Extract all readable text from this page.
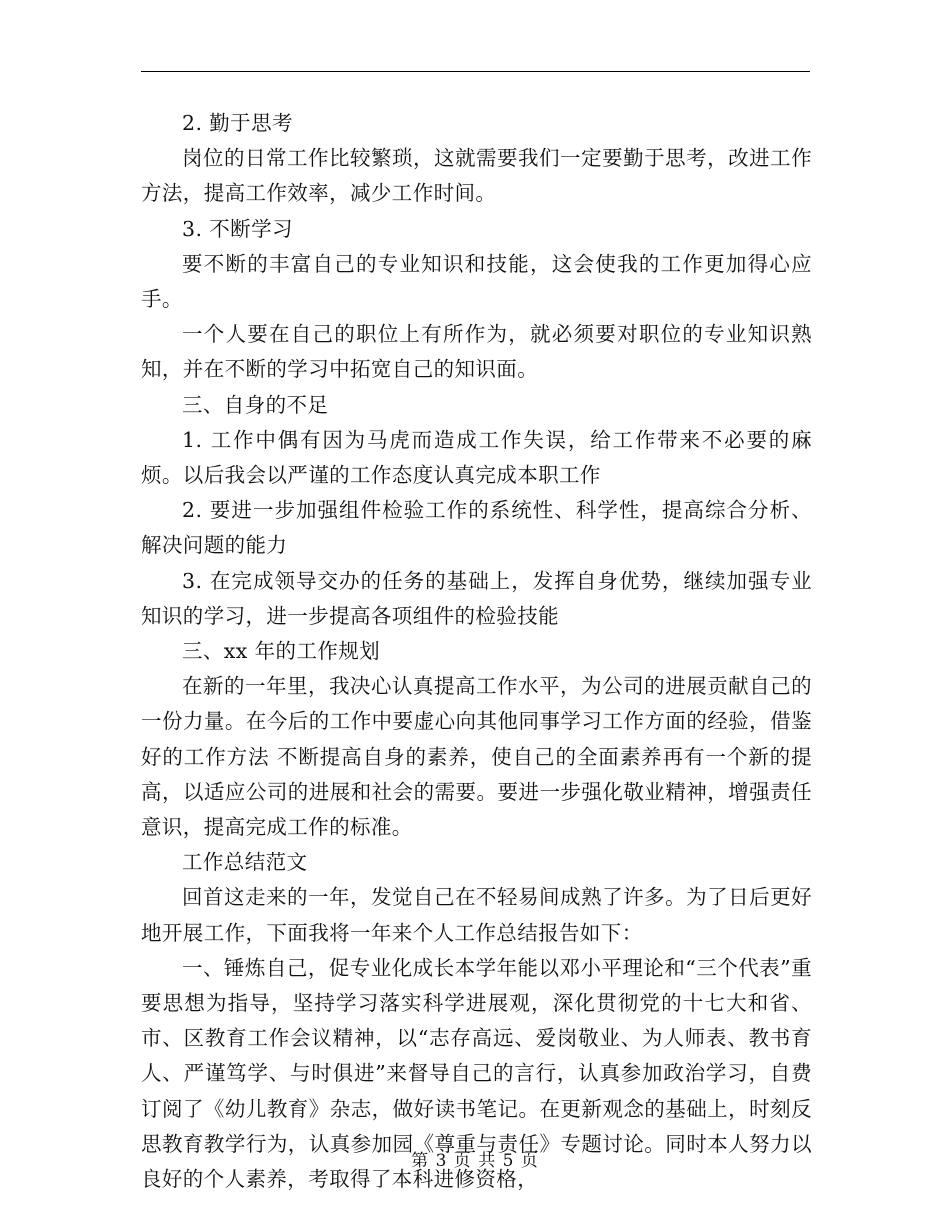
2. 勤于思考

岗位的日常工作比较繁琐，这就需要我们一定要勤于思考，改进工作方法，提高工作效率，减少工作时间。

3. 不断学习

要不断的丰富自己的专业知识和技能，这会使我的工作更加得心应手。

一个人要在自己的职位上有所作为，就必须要对职位的专业知识熟知，并在不断的学习中拓宽自己的知识面。

三、自身的不足

1. 工作中偶有因为马虎而造成工作失误，给工作带来不必要的麻烦。以后我会以严谨的工作态度认真完成本职工作

2. 要进一步加强组件检验工作的系统性、科学性，提高综合分析、解决问题的能力

3. 在完成领导交办的任务的基础上，发挥自身优势，继续加强专业知识的学习，进一步提高各项组件的检验技能

三、xx 年的工作规划

在新的一年里，我决心认真提高工作水平，为公司的进展贡献自己的一份力量。在今后的工作中要虚心向其他同事学习工作方面的经验，借鉴好的工作方法 不断提高自身的素养，使自己的全面素养再有一个新的提高，以适应公司的进展和社会的需要。要进一步强化敬业精神，增强责任意识，提高完成工作的标准。

工作总结范文

回首这走来的一年，发觉自己在不轻易间成熟了许多。为了日后更好地开展工作，下面我将一年来个人工作总结报告如下：

一、锤炼自己，促专业化成长本学年能以邓小平理论和“三个代表”重要思想为指导，坚持学习落实科学进展观，深化贯彻党的十七大和省、市、区教育工作会议精神，以“志存高远、爱岗敬业、为人师表、教书育人、严谨笃学、与时俱进”来督导自己的言行，认真参加政治学习，自费订阅了《幼儿教育》杂志，做好读书笔记。在更新观念的基础上，时刻反思教育教学行为，认真参加园《尊重与责任》专题讨论。同时本人努力以良好的个人素养，考取得了本科进修资格，

第 3 页 共 5 页
